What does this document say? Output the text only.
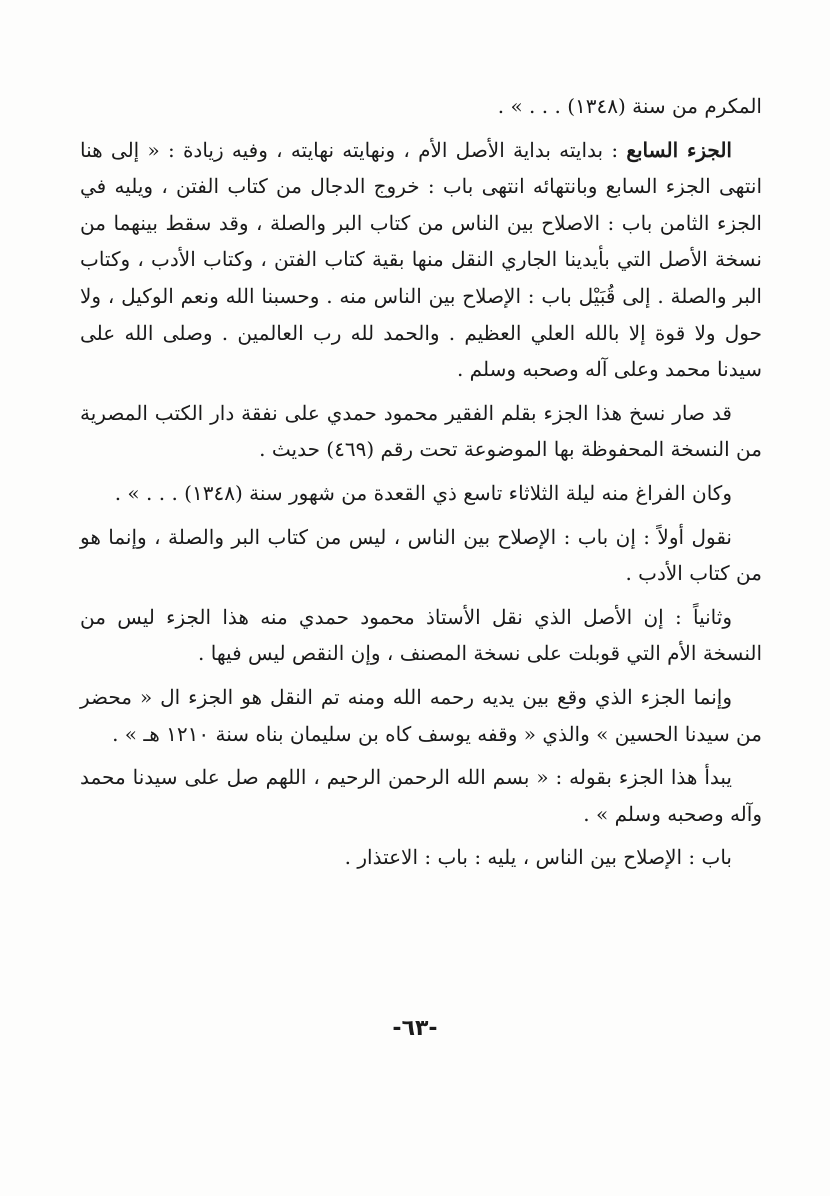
المكرم من سنة (١٣٤٨) . . . » .

الجزء السابع : بدايته بداية الأصل الأم ، ونهايته نهايته ، وفيه زيادة : « إلى هنا انتهى الجزء السابع وبانتهائه انتهى باب : خروج الدجال من كتاب الفتن ، ويليه في الجزء الثامن باب : الاصلاح بين الناس من كتاب البر والصلة ، وقد سقط بينهما من نسخة الأصل التي بأيدينا الجاري النقل منها بقية كتاب الفتن ، وكتاب الأدب ، وكتاب البر والصلة . إلى قُبَيْل باب : الإصلاح بين الناس منه . وحسبنا الله ونعم الوكيل ، ولا حول ولا قوة إلا بالله العلي العظيم . والحمد لله رب العالمين . وصلى الله على سيدنا محمد وعلى آله وصحبه وسلم .

قد صار نسخ هذا الجزء بقلم الفقير محمود حمدي على نفقة دار الكتب المصرية من النسخة المحفوظة بها الموضوعة تحت رقم (٤٦٩) حديث .

وكان الفراغ منه ليلة الثلاثاء تاسع ذي القعدة من شهور سنة (١٣٤٨) . . . » .

نقول أولاً : إن باب : الإصلاح بين الناس ، ليس من كتاب البر والصلة ، وإنما هو من كتاب الأدب .

وثانياً : إن الأصل الذي نقل الأستاذ محمود حمدي منه هذا الجزء ليس من النسخة الأم التي قوبلت على نسخة المصنف ، وإن النقص ليس فيها .

وإنما الجزء الذي وقع بين يديه رحمه الله ومنه تم النقل هو الجزء ال « محضر من سيدنا الحسين » والذي « وقفه يوسف كاه بن سليمان بناه سنة ١٢١٠ هـ » .

يبدأ هذا الجزء بقوله : « بسم الله الرحمن الرحيم ، اللهم صل على سيدنا محمد وآله وصحبه وسلم » .

باب : الإصلاح بين الناس ، يليه : باب : الاعتذار .

-٦٣-
